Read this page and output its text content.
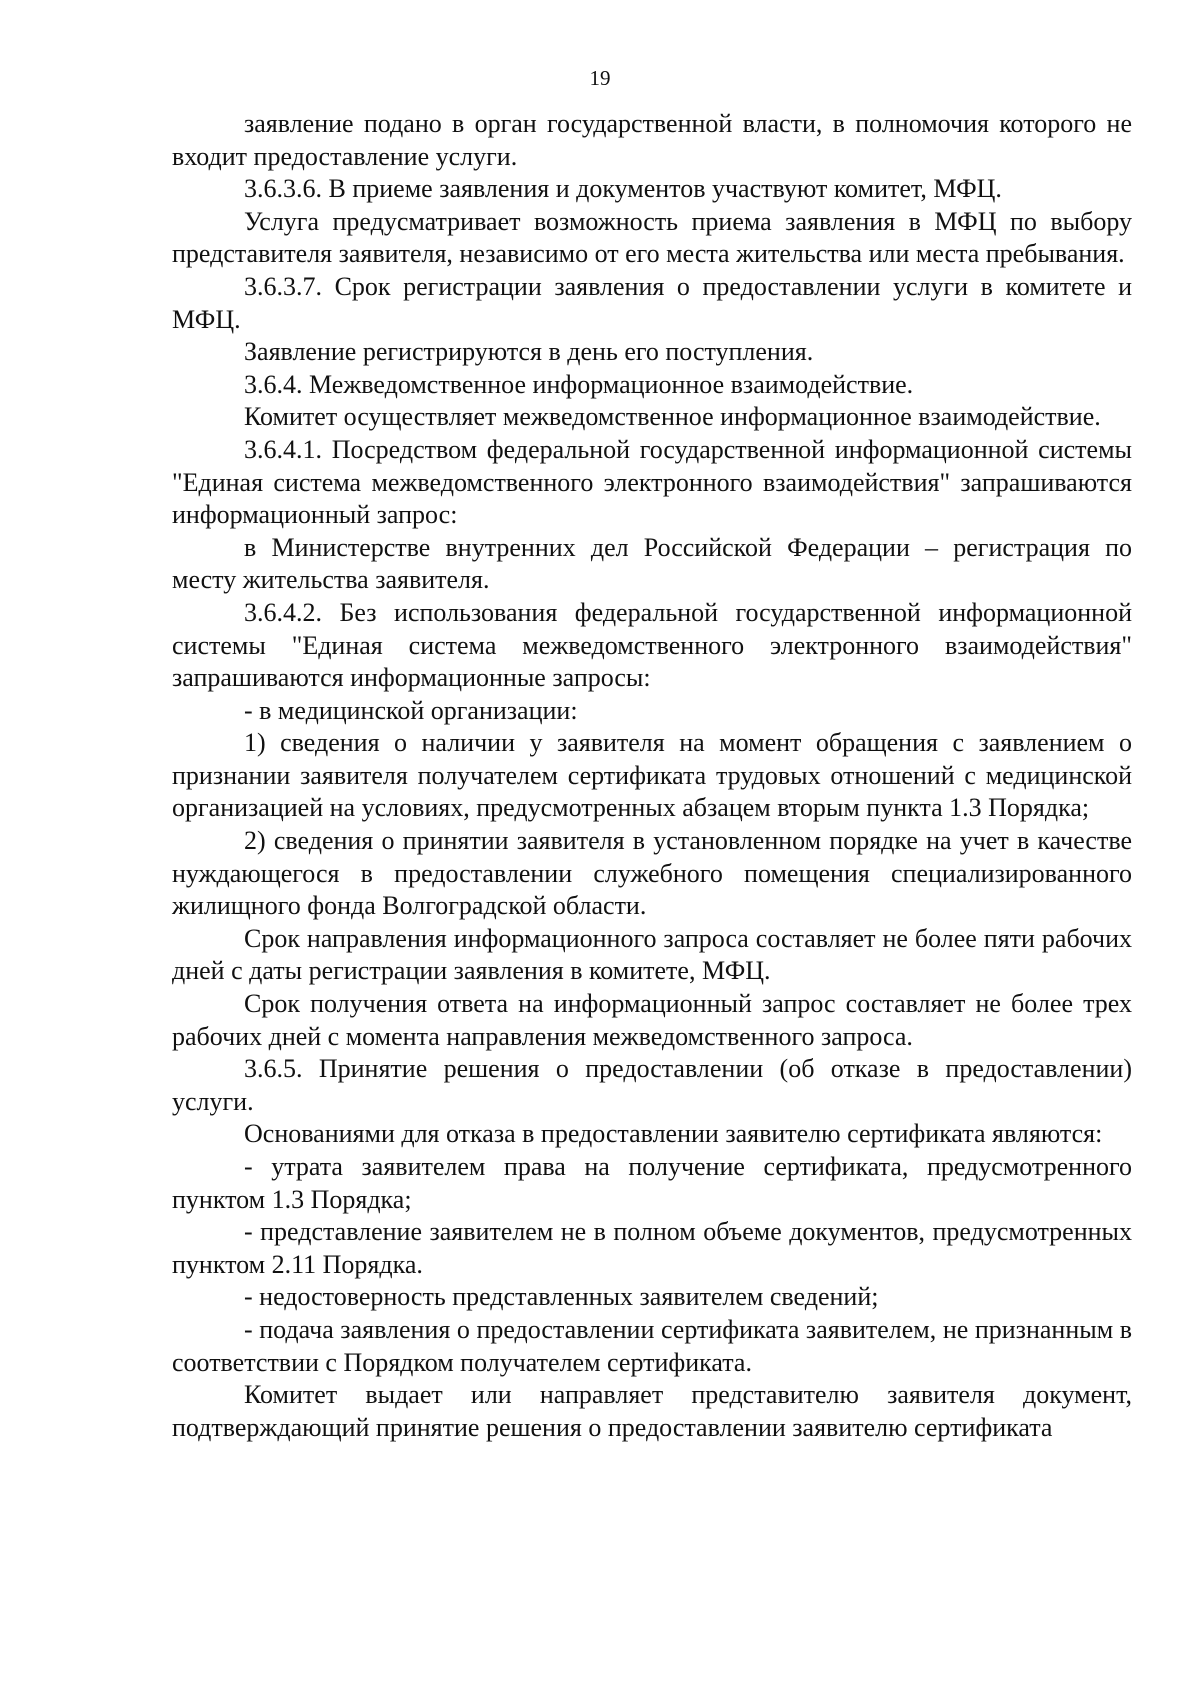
19

заявление подано в орган государственной власти, в полномочия которого не входит предоставление услуги.

3.6.3.6. В приеме заявления и документов участвуют комитет, МФЦ.

Услуга предусматривает возможность приема заявления в МФЦ по выбору представителя заявителя, независимо от его места жительства или места пребывания.

3.6.3.7. Срок регистрации заявления о предоставлении услуги в комитете и МФЦ.

Заявление регистрируются в день его поступления.

3.6.4. Межведомственное информационное взаимодействие.

Комитет осуществляет межведомственное информационное взаимодействие.

3.6.4.1. Посредством федеральной государственной информационной системы "Единая система межведомственного электронного взаимодействия" запрашиваются информационный запрос:

в Министерстве внутренних дел Российской Федерации – регистрация по месту жительства заявителя.

3.6.4.2. Без использования федеральной государственной информационной системы "Единая система межведомственного электронного взаимодействия" запрашиваются информационные запросы:

- в медицинской организации:

1) сведения о наличии у заявителя на момент обращения с заявлением о признании заявителя получателем сертификата трудовых отношений с медицинской организацией на условиях, предусмотренных абзацем вторым пункта 1.3 Порядка;

2) сведения о принятии заявителя в установленном порядке на учет в качестве нуждающегося в предоставлении служебного помещения специализированного жилищного фонда Волгоградской области.

Срок направления информационного запроса составляет не более пяти рабочих дней с даты регистрации заявления в комитете, МФЦ.

Срок получения ответа на информационный запрос составляет не более трех рабочих дней с момента направления межведомственного запроса.

3.6.5. Принятие решения о предоставлении (об отказе в предоставлении) услуги.

Основаниями для отказа в предоставлении заявителю сертификата являются:

- утрата заявителем права на получение сертификата, предусмотренного пунктом 1.3 Порядка;

- представление заявителем не в полном объеме документов, предусмотренных пунктом 2.11 Порядка.

- недостоверность представленных заявителем сведений;

- подача заявления о предоставлении сертификата заявителем, не признанным в соответствии с Порядком получателем сертификата.

Комитет выдает или направляет представителю заявителя документ, подтверждающий принятие решения о предоставлении заявителю сертификата
